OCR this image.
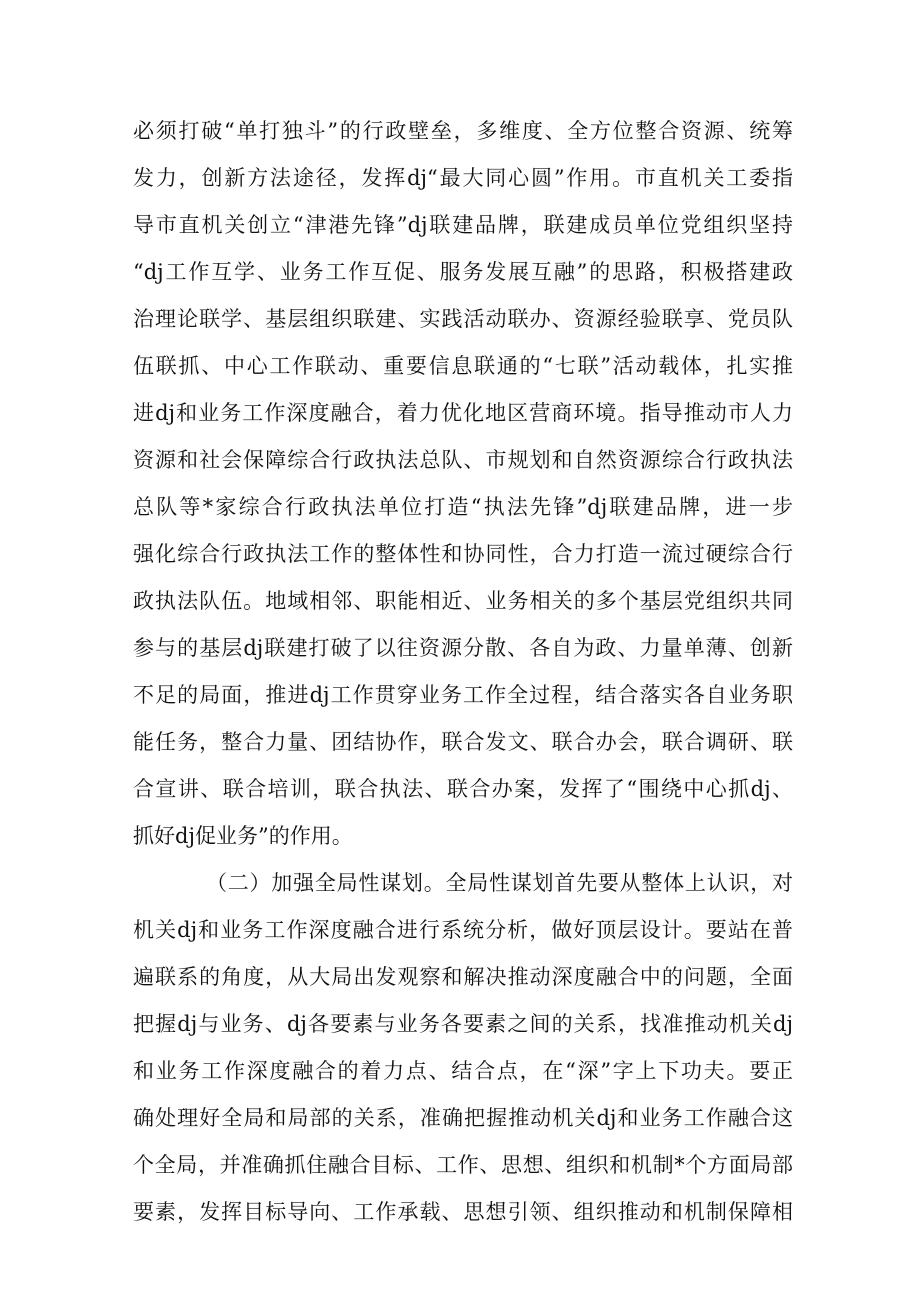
必须打破“单打独斗”的行政壁垒，多维度、全方位整合资源、统筹
发力，创新方法途径，发挥dj“最大同心圆”作用。市直机关工委指
导市直机关创立“津港先锋”dj联建品牌，联建成员单位党组织坚持
“dj工作互学、业务工作互促、服务发展互融”的思路，积极搭建政
治理论联学、基层组织联建、实践活动联办、资源经验联享、党员队
伍联抓、中心工作联动、重要信息联通的“七联”活动载体，扎实推
进dj和业务工作深度融合，着力优化地区营商环境。指导推动市人力
资源和社会保障综合行政执法总队、市规划和自然资源综合行政执法
总队等*家综合行政执法单位打造“执法先锋”dj联建品牌，进一步
强化综合行政执法工作的整体性和协同性，合力打造一流过硬综合行
政执法队伍。地域相邻、职能相近、业务相关的多个基层党组织共同
参与的基层dj联建打破了以往资源分散、各自为政、力量单薄、创新
不足的局面，推进dj工作贯穿业务工作全过程，结合落实各自业务职
能任务，整合力量、团结协作，联合发文、联合办会，联合调研、联
合宣讲、联合培训，联合执法、联合办案，发挥了“围绕中心抓dj、
抓好dj促业务”的作用。
（二）加强全局性谋划。全局性谋划首先要从整体上认识，对
机关dj和业务工作深度融合进行系统分析，做好顶层设计。要站在普
遍联系的角度，从大局出发观察和解决推动深度融合中的问题，全面
把握dj与业务、dj各要素与业务各要素之间的关系，找准推动机关dj
和业务工作深度融合的着力点、结合点，在“深”字上下功夫。要正
确处理好全局和局部的关系，准确把握推动机关dj和业务工作融合这
个全局，并准确抓住融合目标、工作、思想、组织和机制*个方面局部
要素，发挥目标导向、工作承载、思想引领、组织推动和机制保障相
